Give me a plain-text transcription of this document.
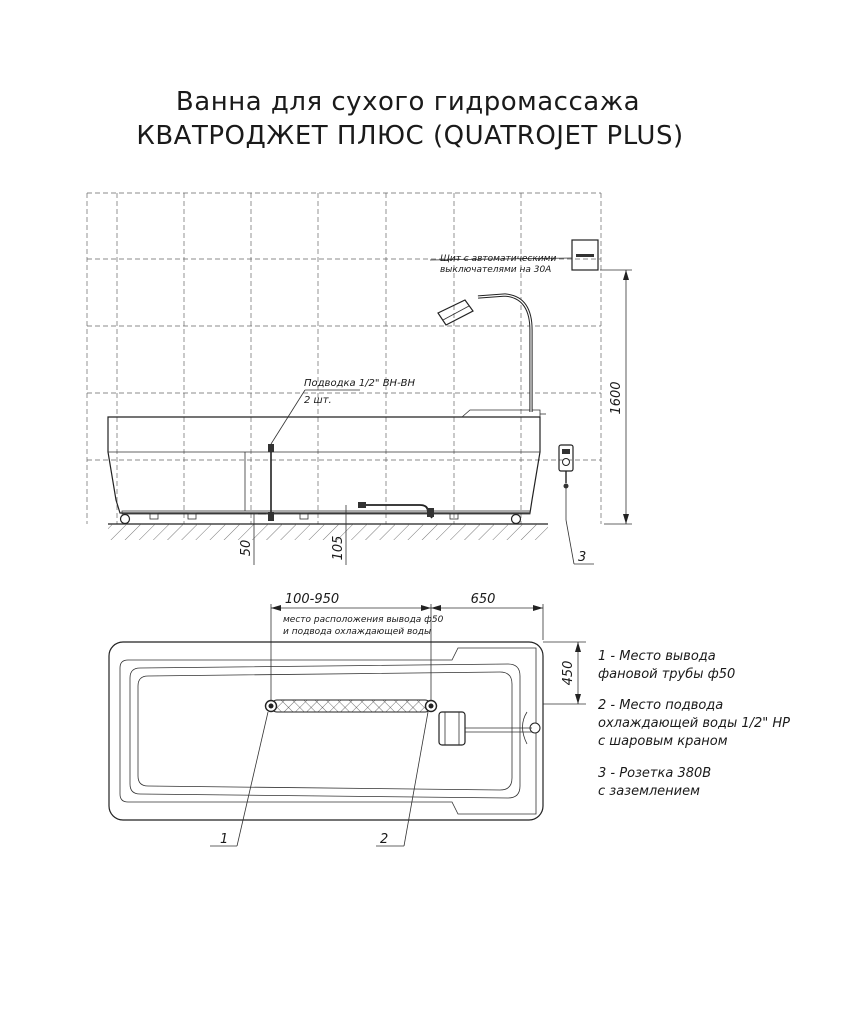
Ванна для сухого гидромассажа
КВАТРОДЖЕТ ПЛЮС (QUATROJET PLUS)
Щит с автоматическими
выключателями на 30А
Подводка 1/2" ВН-ВН
2 шт.	1600
50	105	3
100-950	650
место расположения вывода ф50
и подвода охлаждающей воды
450
1	2
1 - Место вывода
фановой трубы ф50
2 - Место подвода
охлаждающей воды 1/2" НР
с шаровым краном
3 - Розетка 380В
с заземлением
